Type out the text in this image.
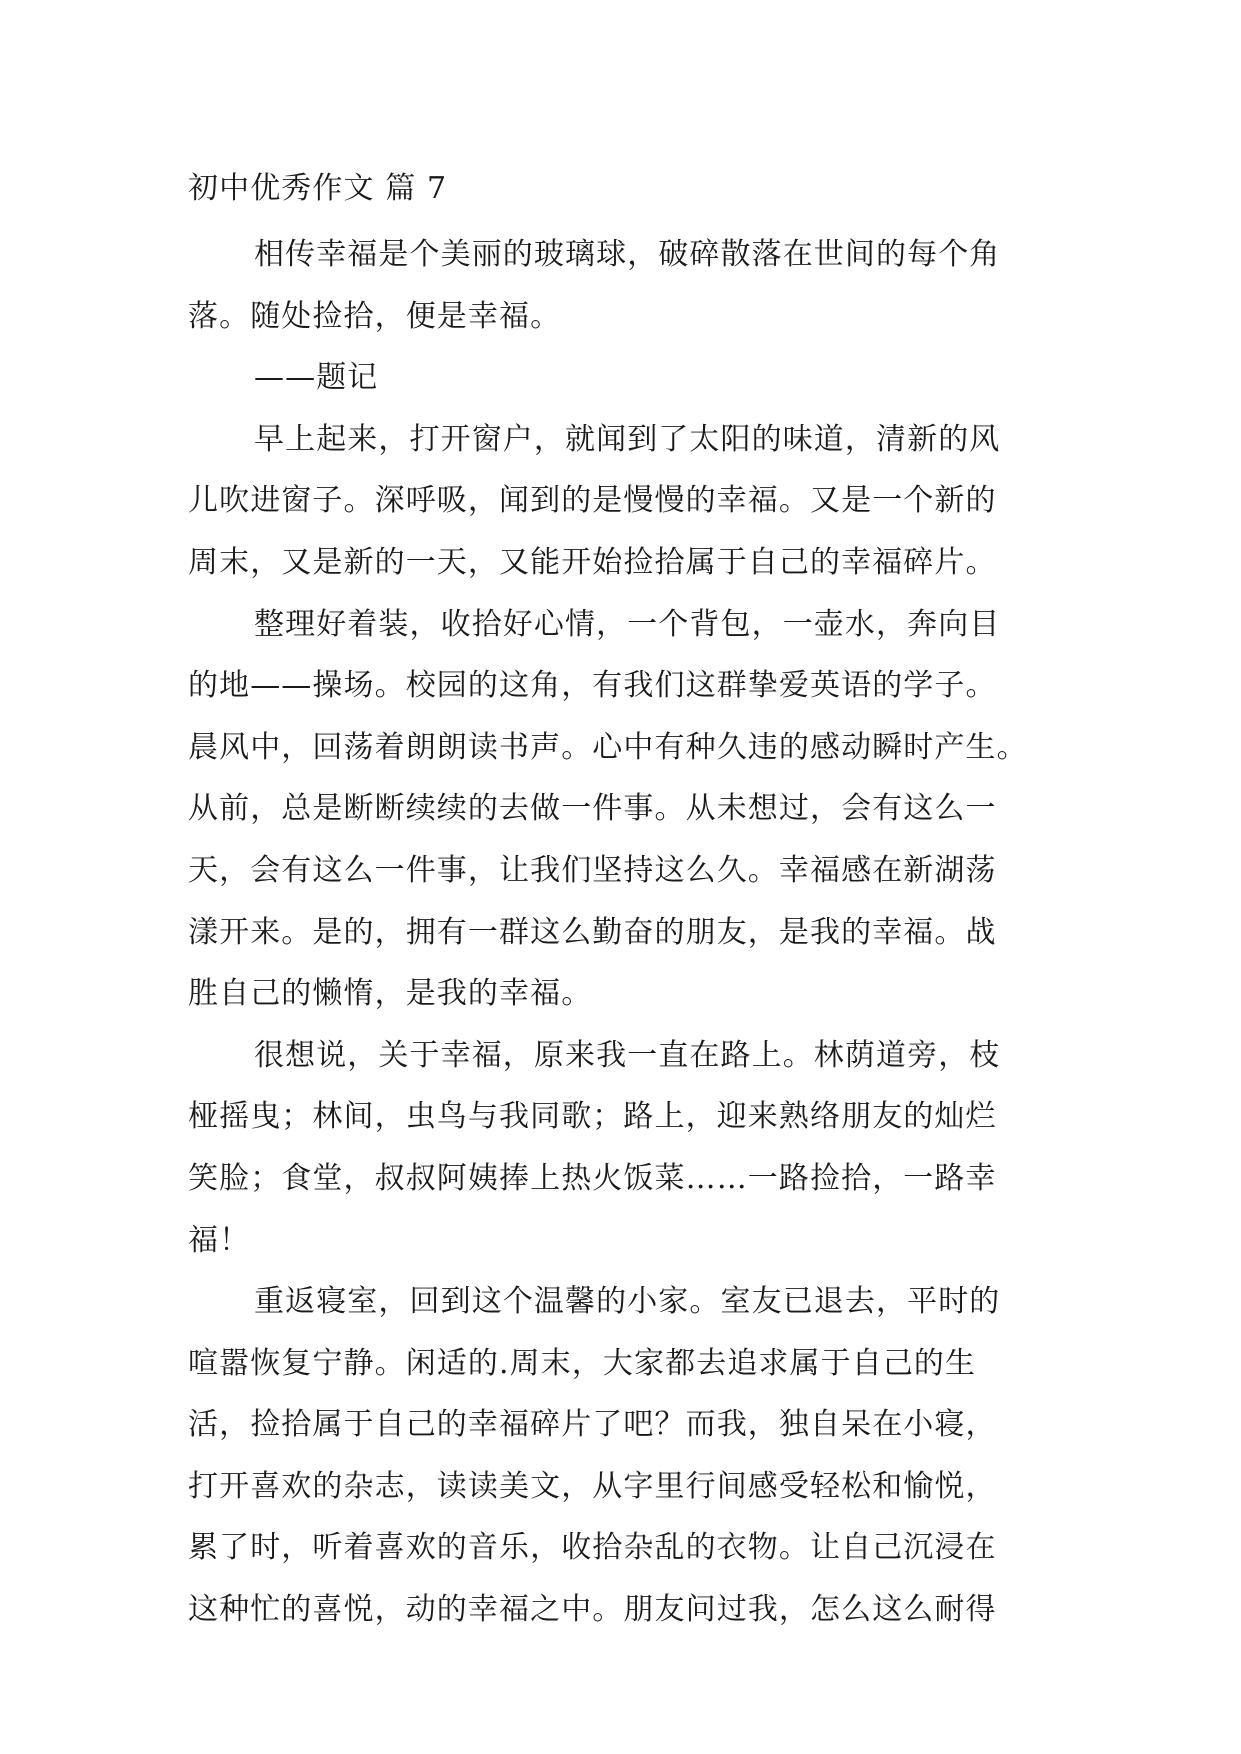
初中优秀作文 篇 7
相传幸福是个美丽的玻璃球，破碎散落在世间的每个角
落。随处捡拾，便是幸福。
——题记
早上起来，打开窗户，就闻到了太阳的味道，清新的风
儿吹进窗子。深呼吸，闻到的是慢慢的幸福。又是一个新的
周末，又是新的一天，又能开始捡拾属于自己的幸福碎片。
整理好着装，收拾好心情，一个背包，一壶水，奔向目
的地——操场。校园的这角，有我们这群挚爱英语的学子。
晨风中，回荡着朗朗读书声。心中有种久违的感动瞬时产生。
从前，总是断断续续的去做一件事。从未想过，会有这么一
天，会有这么一件事，让我们坚持这么久。幸福感在新湖荡
漾开来。是的，拥有一群这么勤奋的朋友，是我的幸福。战
胜自己的懒惰，是我的幸福。
很想说，关于幸福，原来我一直在路上。林荫道旁，枝
桠摇曳；林间，虫鸟与我同歌；路上，迎来熟络朋友的灿烂
笑脸；食堂，叔叔阿姨捧上热火饭菜……一路捡拾，一路幸
福！
重返寝室，回到这个温馨的小家。室友已退去，平时的
喧嚣恢复宁静。闲适的.周末，大家都去追求属于自己的生
活，捡拾属于自己的幸福碎片了吧？而我，独自呆在小寝，
打开喜欢的杂志，读读美文，从字里行间感受轻松和愉悦，
累了时，听着喜欢的音乐，收拾杂乱的衣物。让自己沉浸在
这种忙的喜悦，动的幸福之中。朋友问过我，怎么这么耐得
